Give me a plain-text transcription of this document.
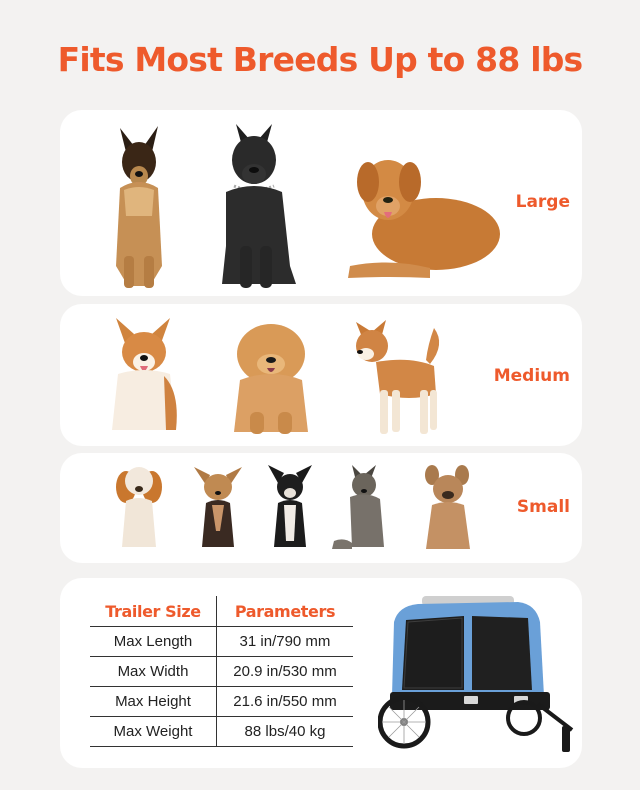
Fits Most Breeds Up to 88 lbs
Large
Medium
Small
Trailer Size	Parameters
Max Length	31 in/790 mm
Max Width	20.9 in/530 mm
Max Height	21.6 in/550 mm
Max Weight	88 lbs/40 kg
